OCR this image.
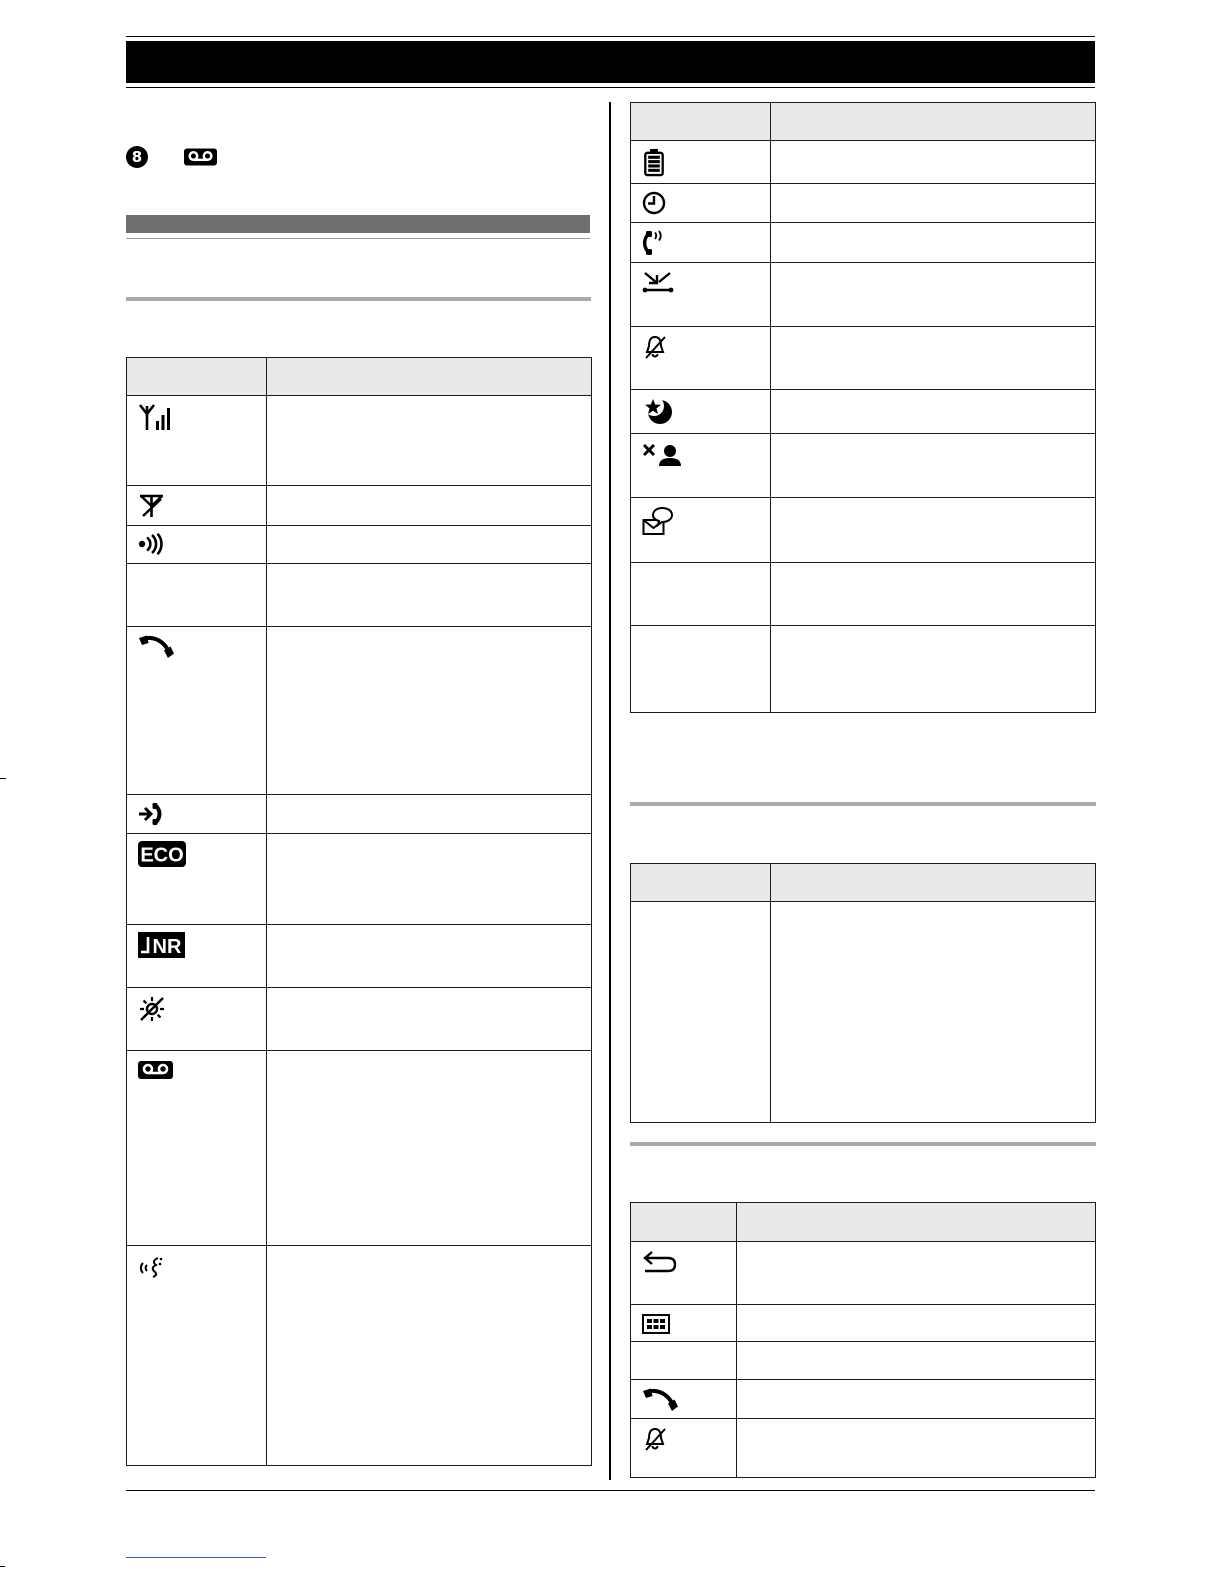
8
ECO
NR
